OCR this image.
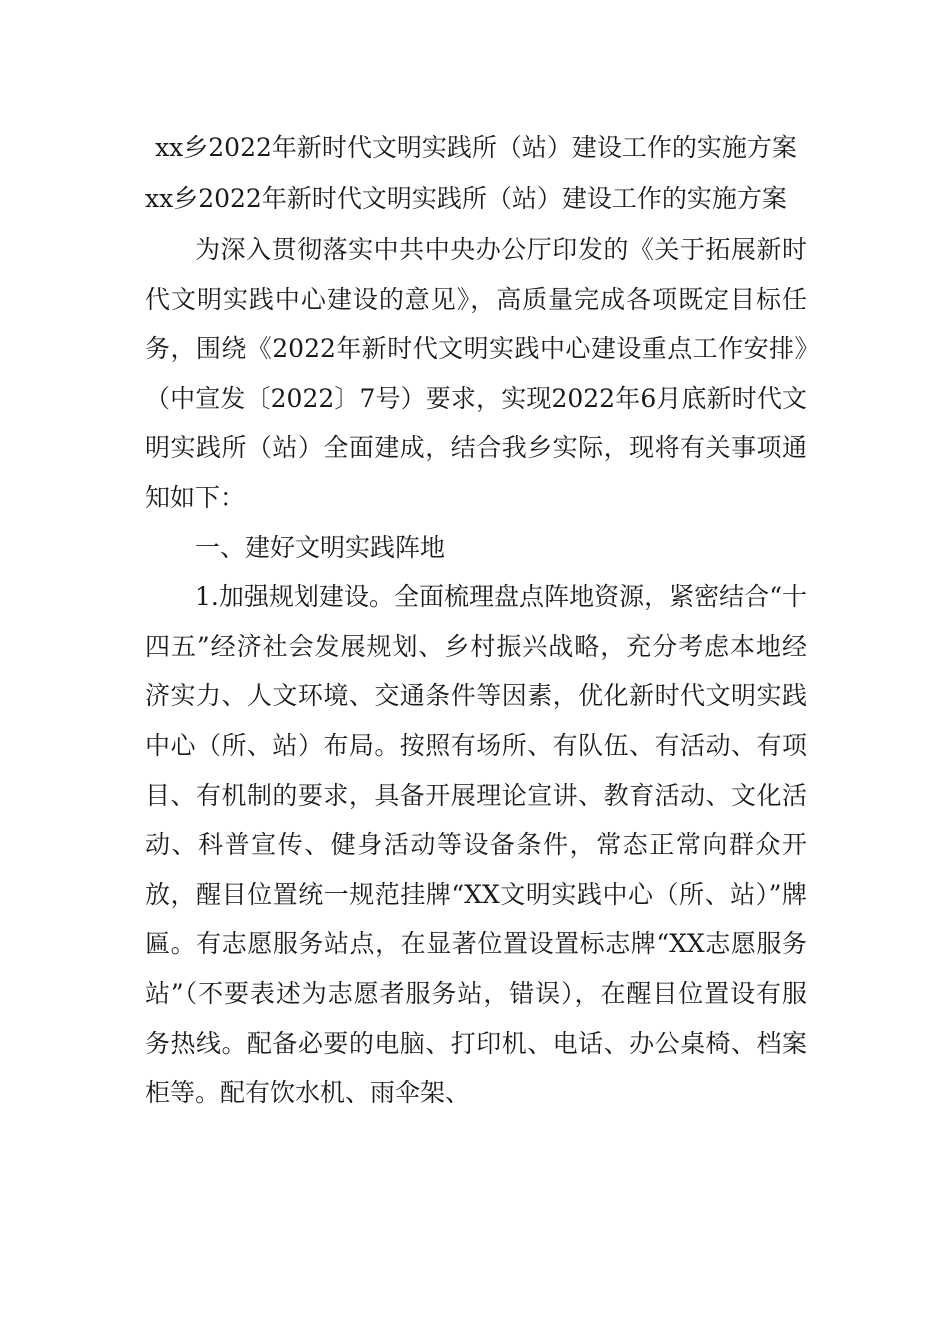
xx乡2022年新时代文明实践所（站）建设工作的实施方案
xx乡2022年新时代文明实践所（站）建设工作的实施方案

为深入贯彻落实中共中央办公厅印发的《关于拓展新时代文明实践中心建设的意见》，高质量完成各项既定目标任务，围绕《2022年新时代文明实践中心建设重点工作安排》（中宣发〔2022〕7号）要求，实现2022年6月底新时代文明实践所（站）全面建成，结合我乡实际，现将有关事项通知如下：

一、建好文明实践阵地

1.加强规划建设。全面梳理盘点阵地资源，紧密结合“十四五”经济社会发展规划、乡村振兴战略，充分考虑本地经济实力、人文环境、交通条件等因素，优化新时代文明实践中心（所、站）布局。按照有场所、有队伍、有活动、有项目、有机制的要求，具备开展理论宣讲、教育活动、文化活动、科普宣传、健身活动等设备条件，常态正常向群众开放，醒目位置统一规范挂牌“XX文明实践中心（所、站）”牌匾。有志愿服务站点，在显著位置设置标志牌“XX志愿服务站”（不要表述为志愿者服务站，错误），在醒目位置设有服务热线。配备必要的电脑、打印机、电话、办公桌椅、档案柜等。配有饮水机、雨伞架、
